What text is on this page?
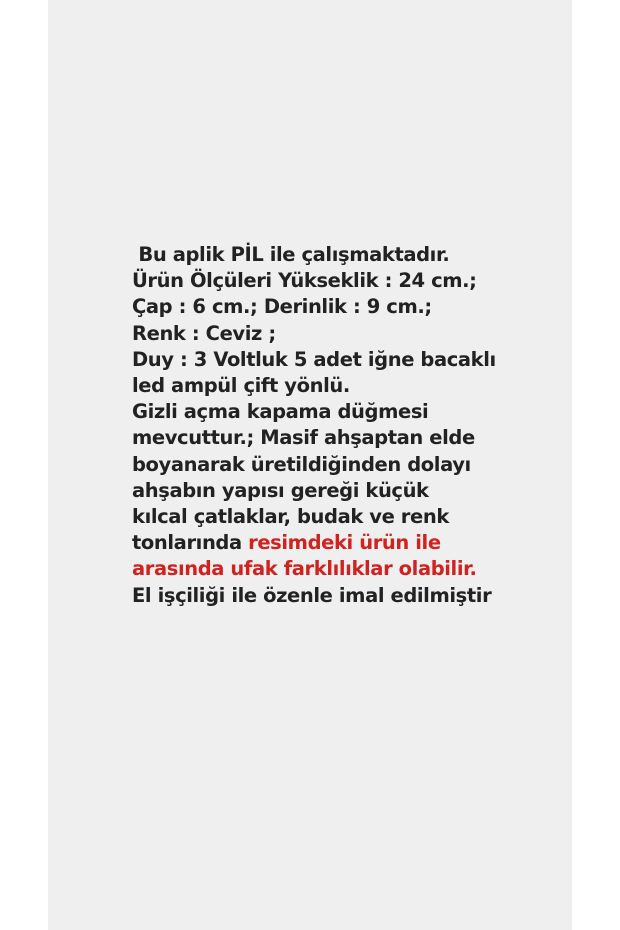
Bu aplik PİL ile çalışmaktadır.
Ürün Ölçüleri Yükseklik : 24 cm.;
Çap : 6 cm.; Derinlik : 9 cm.;
Renk : Ceviz ;
Duy : 3 Voltluk 5 adet iğne bacaklı
led ampül çift yönlü.
Gizli açma kapama düğmesi
mevcuttur.; Masif ahşaptan elde
boyanarak üretildiğinden dolayı
ahşabın yapısı gereği küçük
kılcal çatlaklar, budak ve renk
tonlarında resimdeki ürün ile
arasında ufak farklılıklar olabilir.
El işçiliği ile özenle imal edilmiştir
